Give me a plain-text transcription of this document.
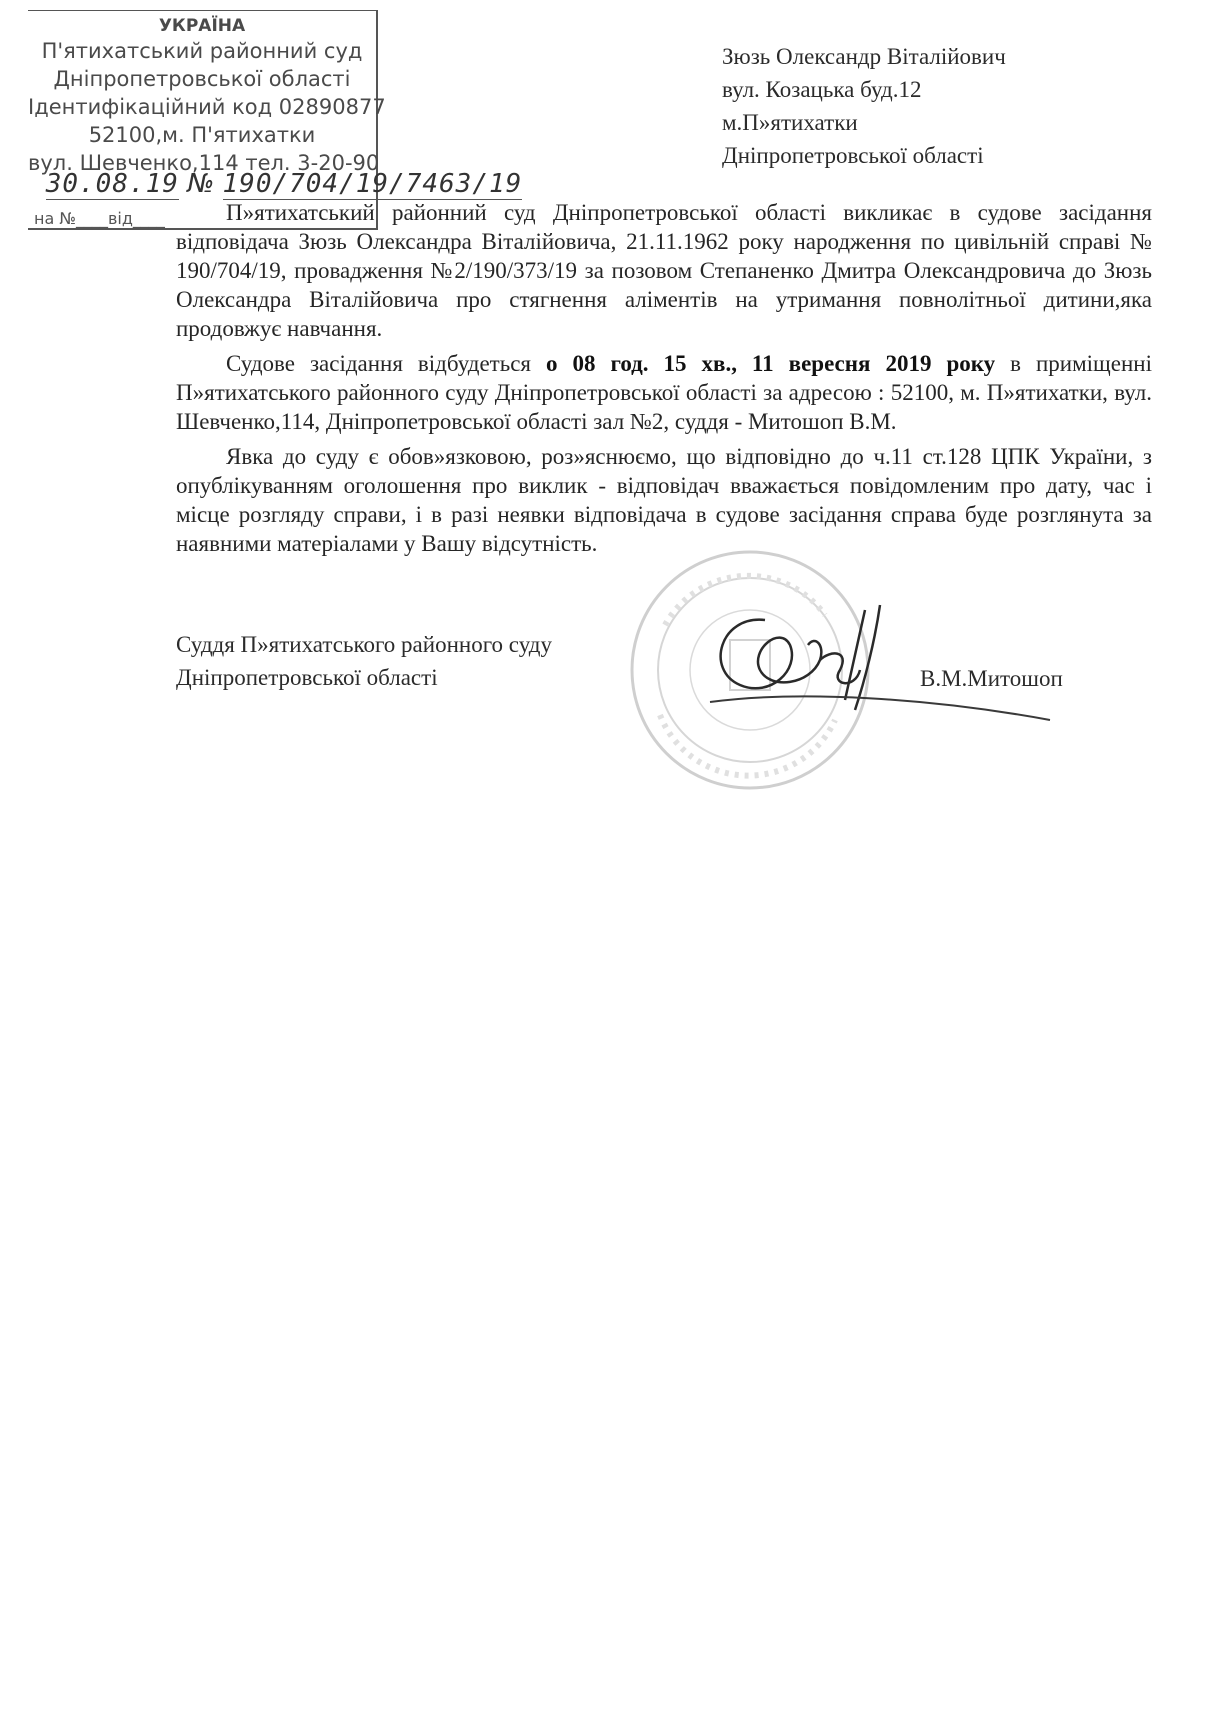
УКРАЇНА
П'ятихатський районний суд
Дніпропетровської області
Ідентифікаційний код 02890877
52100,м. П'ятихатки
вул. Шевченко,114 тел. 3-20-90
30.08.19 № 190/704/19/7463/19
на №____від____
Зюзь Олександр Віталійович
вул. Козацька буд.12
м.П»ятихатки
Дніпропетровської області

П»ятихатський районний суд Дніпропетровської області викликає в судове засідання відповідача Зюзь Олександра Віталійовича, 21.11.1962 року народження по цивільній справі № 190/704/19, провадження №2/190/373/19 за позовом Степаненко Дмитра Олександровича до Зюзь Олександра Віталійовича про стягнення аліментів на утримання повнолітньої дитини,яка продовжує навчання.

Судове засідання відбудеться о 08 год. 15 хв., 11 вересня 2019 року в приміщенні П»ятихатського районного суду Дніпропетровської області за адресою : 52100, м. П»ятихатки, вул. Шевченко,114, Дніпропетровської області зал №2, суддя - Митошоп В.М.

Явка до суду є обов»язковою, роз»яснюємо, що відповідно до ч.11 ст.128 ЦПК України, з опублікуванням оголошення про виклик - відповідач вважається повідомленим про дату, час і місце розгляду справи, і в разі неявки відповідача в судове засідання справа буде розглянута за наявними матеріалами у Вашу відсутність.

Суддя П»ятихатського районного суду
Дніпропетровської області	В.М.Митошоп
